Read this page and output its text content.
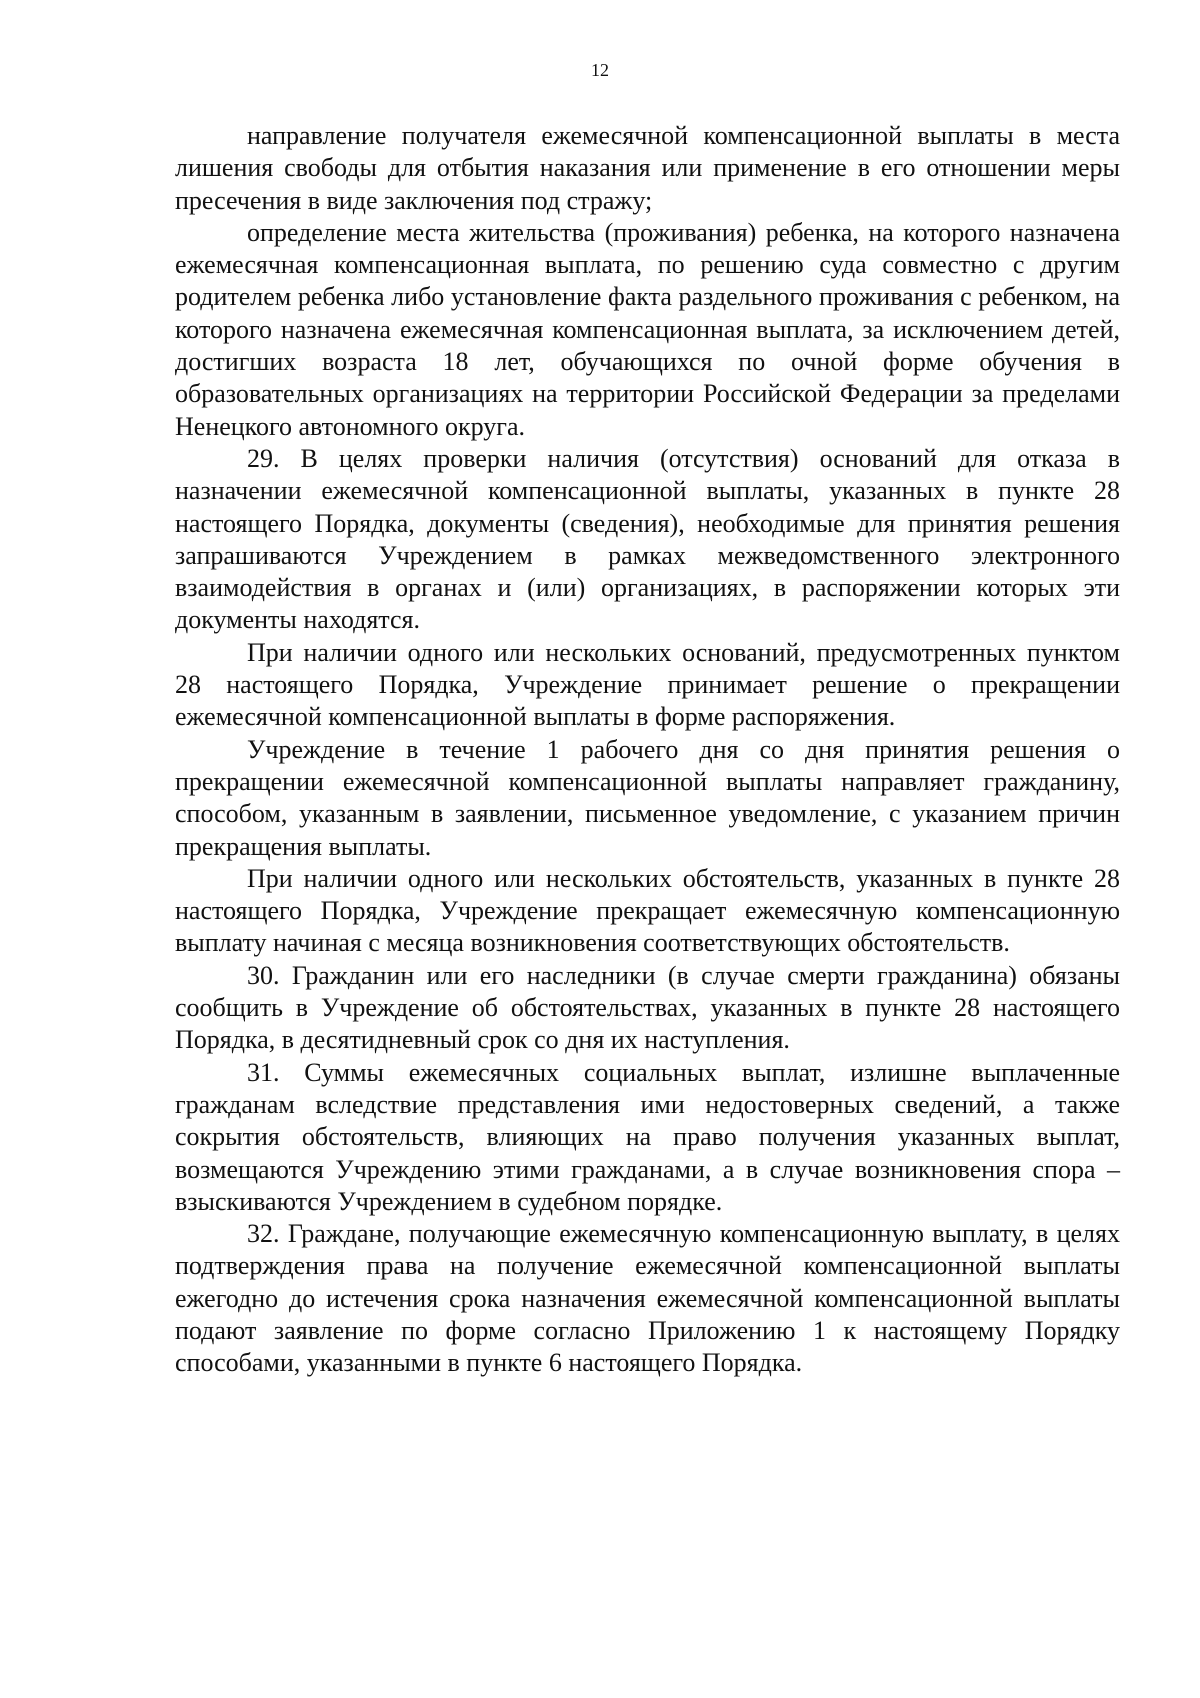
12

направление получателя ежемесячной компенсационной выплаты в места лишения свободы для отбытия наказания или применение в его отношении меры пресечения в виде заключения под стражу;

определение места жительства (проживания) ребенка, на которого назначена ежемесячная компенсационная выплата, по решению суда совместно с другим родителем ребенка либо установление факта раздельного проживания с ребенком, на которого назначена ежемесячная компенсационная выплата, за исключением детей, достигших возраста 18 лет, обучающихся по очной форме обучения в образовательных организациях на территории Российской Федерации за пределами Ненецкого автономного округа.

29. В целях проверки наличия (отсутствия) оснований для отказа в назначении ежемесячной компенсационной выплаты, указанных в пункте 28 настоящего Порядка, документы (сведения), необходимые для принятия решения запрашиваются Учреждением в рамках межведомственного электронного взаимодействия в органах и (или) организациях, в распоряжении которых эти документы находятся.

При наличии одного или нескольких оснований, предусмотренных пунктом 28 настоящего Порядка, Учреждение принимает решение о прекращении ежемесячной компенсационной выплаты в форме распоряжения.

Учреждение в течение 1 рабочего дня со дня принятия решения о прекращении ежемесячной компенсационной выплаты направляет гражданину, способом, указанным в заявлении, письменное уведомление, с указанием причин прекращения выплаты.

При наличии одного или нескольких обстоятельств, указанных в пункте 28 настоящего Порядка, Учреждение прекращает ежемесячную компенсационную выплату начиная с месяца возникновения соответствующих обстоятельств.

30. Гражданин или его наследники (в случае смерти гражданина) обязаны сообщить в Учреждение об обстоятельствах, указанных в пункте 28 настоящего Порядка, в десятидневный срок со дня их наступления.

31. Суммы ежемесячных социальных выплат, излишне выплаченные гражданам вследствие представления ими недостоверных сведений, а также сокрытия обстоятельств, влияющих на право получения указанных выплат, возмещаются Учреждению этими гражданами, а в случае возникновения спора – взыскиваются Учреждением в судебном порядке.

32. Граждане, получающие ежемесячную компенсационную выплату, в целях подтверждения права на получение ежемесячной компенсационной выплаты ежегодно до истечения срока назначения ежемесячной компенсационной выплаты подают заявление по форме согласно Приложению 1 к настоящему Порядку способами, указанными в пункте 6 настоящего Порядка.
